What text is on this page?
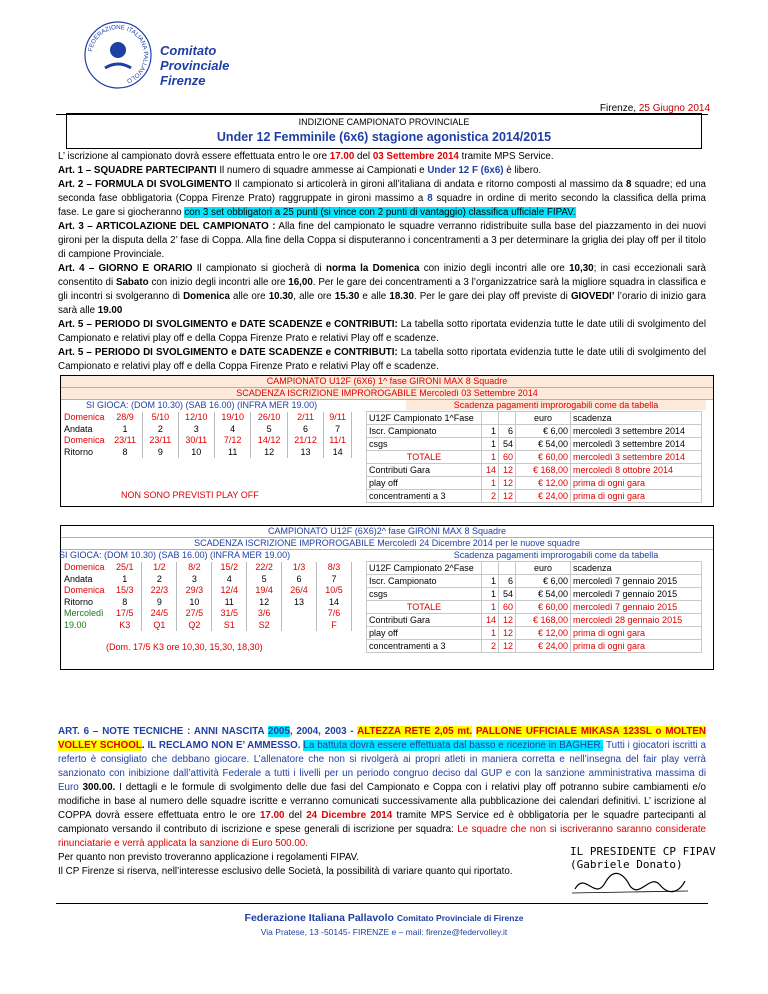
FEDERAZIONE ITALIANA PALLAVOLO
Comitato
Provinciale
Firenze
Firenze, 25 Giugno 2014
INDIZIONE CAMPIONATO PROVINCIALE
Under 12 Femminile (6x6) stagione agonistica 2014/2015

L’ iscrizione al campionato dovrà essere effettuata entro le ore 17.00 del 03 Settembre 2014 tramite MPS Service.

Art. 1 – SQUADRE PARTECIPANTI Il numero di squadre ammesse ai Campionati e Under 12 F (6x6) è libero.

Art. 2 – FORMULA DI SVOLGIMENTO Il campionato si articolerà in gironi all’italiana di andata e ritorno composti al massimo da 8 squadre; ed una seconda fase obbligatoria (Coppa Firenze Prato) raggruppate in gironi massimo a 8 squadre in ordine di merito secondo la classifica della prima fase. Le gare si giocheranno con 3 set obbligatori a 25 punti (si vince con 2 punti di vantaggio) classifica ufficiale FIPAV.

Art. 3 – ARTICOLAZIONE DEL CAMPIONATO : Alla fine del campionato le squadre verranno ridistribuite sulla base del piazzamento in dei nuovi gironi per la disputa della 2’ fase di Coppa. Alla fine della Coppa si disputeranno i concentramenti a 3 per determinare la griglia dei play off per il titolo di campione Provinciale.

Art. 4 – GIORNO E ORARIO Il campionato si giocherà di norma la Domenica con inizio degli incontri alle ore 10,30; in casi eccezionali sarà consentito di Sabato con inizio degli incontri alle ore 16,00. Per le gare dei concentramenti a 3 l’organizzatrice sarà la migliore squadra in classifica e gli incontri si svolgeranno di Domenica alle ore 10.30, alle ore 15.30 e alle 18.30. Per le gare dei play off previste di GIOVEDI’ l’orario di inizio gara sarà alle 19.00

Art. 5 – PERIODO DI SVOLGIMENTO e DATE SCADENZE e CONTRIBUTI: La tabella sotto riportata evidenzia tutte le date utili di svolgimento del Campionato e relativi play off e della Coppa Firenze Prato e relativi Play off e scadenze.

Art. 5 – PERIODO DI SVOLGIMENTO e DATE SCADENZE e CONTRIBUTI: La tabella sotto riportata evidenzia tutte le date utili di svolgimento del Campionato e relativi play off e della Coppa Firenze Prato e relativi Play off e scadenze.

CAMPIONATO U12F (6X6) 1^ fase GIRONI MAX 8 Squadre
SCADENZA ISCRIZIONE IMPROROGABILE Mercoledì 03 Settembre 2014
SI GIOCA: (DOM 10.30) (SAB 16.00) (INFRA MER 19.00)	Scadenza pagamenti improrogabili come da tabella
Domenica	28/9	5/10	12/10	19/10	26/10	2/11	9/11
Andata	1	2	3	4	5	6	7
Domenica	23/11	23/11	30/11	7/12	14/12	21/12	11/1
Ritorno	8	9	10	11	12	13	14
NON SONO PREVISTI PLAY OFF
U12F Campionato 1^Fase			euro	scadenza
Iscr. Campionato	1	6	€ 6,00	mercoledì 3 settembre 2014
csgs	1	54	€ 54,00	mercoledì 3 settembre 2014
TOTALE	1	60	€ 60,00	mercoledì 3 settembre 2014
Contributi Gara	14	12	€ 168,00	mercoledì 8 ottobre 2014
play off	1	12	€ 12,00	prima di ogni gara
concentramenti a 3	2	12	€ 24,00	prima di ogni gara
CAMPIONATO U12F (6X6)2^ fase GIRONI MAX 8 Squadre
SCADENZA ISCRIZIONE IMPROROGABILE Mercoledì 24 Dicembre 2014 per le nuove squadre
SI GIOCA: (DOM 10.30) (SAB 16.00) (INFRA MER 19.00)	Scadenza pagamenti improrogabili come da tabella
Domenica	25/1	1/2	8/2	15/2	22/2	1/3	8/3
Andata	1	2	3	4	5	6	7
Domenica	15/3	22/3	29/3	12/4	19/4	26/4	10/5
Ritorno	8	9	10	11	12	13	14
Mercoledì	17/5	24/5	27/5	31/5	3/6		7/6
19.00	K3	Q1	Q2	S1	S2		F
(Dom. 17/5 K3 ore 10,30, 15,30, 18,30)
U12F Campionato 2^Fase			euro	scadenza
Iscr. Campionato	1	6	€ 6,00	mercoledì 7 gennaio 2015
csgs	1	54	€ 54,00	mercoledì 7 gennaio 2015
TOTALE	1	60	€ 60,00	mercoledì 7 gennaio 2015
Contributi Gara	14	12	€ 168,00	mercoledì 28 gennaio 2015
play off	1	12	€ 12,00	prima di ogni gara
concentramenti a 3	2	12	€ 24,00	prima di ogni gara

ART. 6 – NOTE TECNICHE : ANNI NASCITA 2005, 2004, 2003 - ALTEZZA RETE 2,05 mt. PALLONE UFFICIALE MIKASA 123SL o MOLTEN VOLLEY SCHOOL. IL RECLAMO NON E’ AMMESSO. La battuta dovrà essere effettuata dal basso e ricezione in BAGHER. Tutti i giocatori iscritti a referto è consigliato che debbano giocare. L’allenatore che non si rivolgerà ai propri atleti in maniera corretta e nell’insegna del fair play verrà sanzionato con inibizione dall’attività Federale a tutti i livelli per un periodo congruo deciso dal GUP e con la sanzione amministrativa massima di Euro 300.00. I dettagli e le formule di svolgimento delle due fasi del Campionato e Coppa con i relativi play off potranno subire cambiamenti e/o modifiche in base al numero delle squadre iscritte e verranno comunicati successivamente alla pubblicazione dei calendari definitivi. L’ iscrizione al COPPA dovrà essere effettuata entro le ore 17.00 del 24 Dicembre 2014 tramite MPS Service ed è obbligatoria per le squadre partecipanti al campionato versando il contributo di iscrizione e spese generali di iscrizione per squadra: Le squadre che non si iscriveranno saranno considerate rinunciatarie e verrà applicata la sanzione di Euro 500.00.

Per quanto non previsto troveranno applicazione i regolamenti FIPAV.

Il CP Firenze si riserva, nell’interesse esclusivo delle Società, la possibilità di variare quanto qui riportato.

IL PRESIDENTE CP FIPAV
(Gabriele Donato)
Federazione Italiana Pallavolo Comitato Provinciale di Firenze
Via Pratese, 13 -50145- FIRENZE e – mail: firenze@federvolley.it
